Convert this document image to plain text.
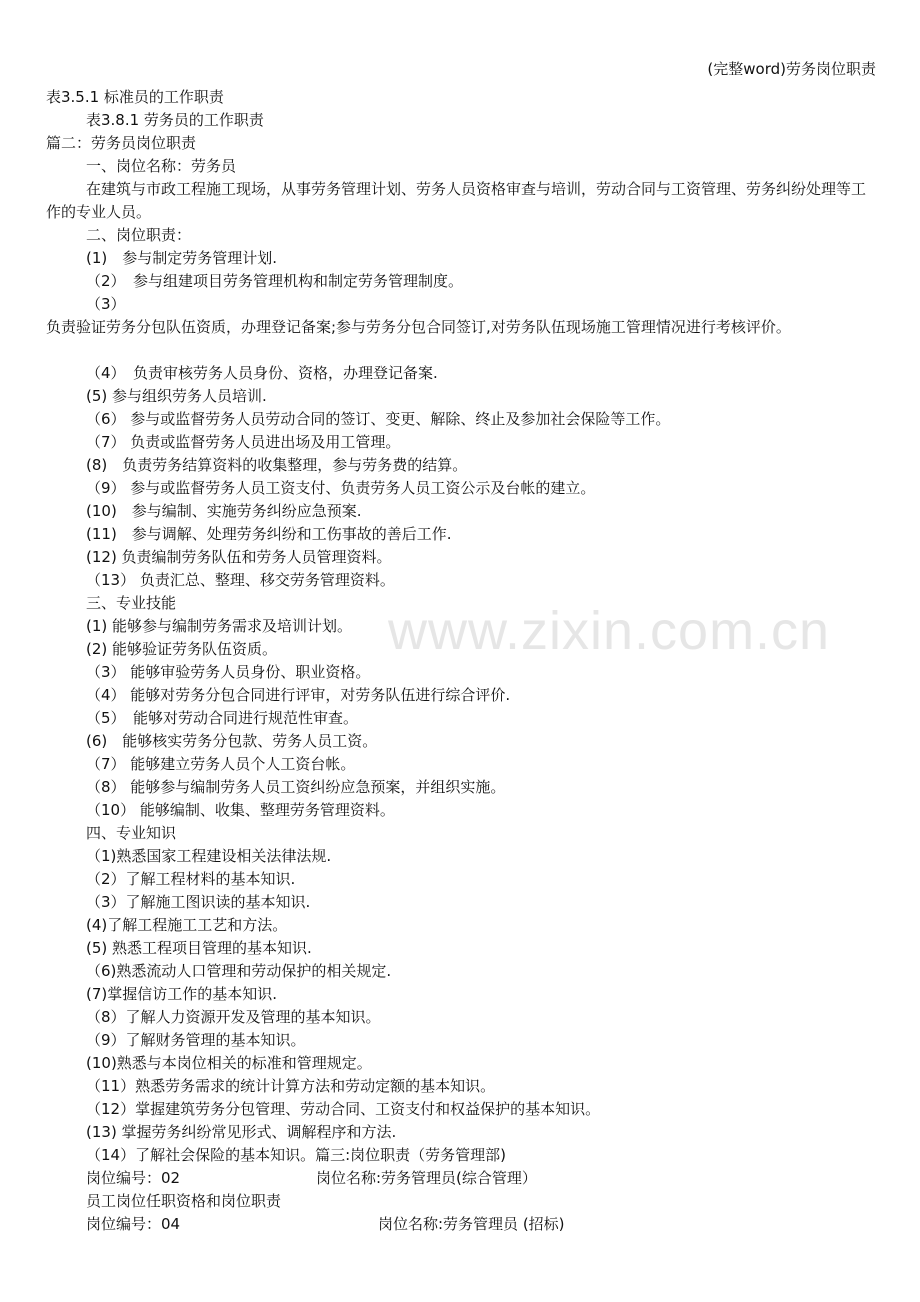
(完整word)劳务岗位职责
www.zixin.com.cn
表3.5.1 标准员的工作职责
表3.8.1 劳务员的工作职责
篇二：劳务员岗位职责
一、岗位名称：劳务员
在建筑与市政工程施工现场，从事劳务管理计划、劳务人员资格审查与培训，劳动合同与工资管理、劳务纠纷处理等工作的专业人员。
二、岗位职责：
(1)　参与制定劳务管理计划.
（2）　参与组建项目劳务管理机构和制定劳务管理制度。
（3）
负责验证劳务分包队伍资质，办理登记备案;参与劳务分包合同签订,对劳务队伍现场施工管理情况进行考核评价。
（4）　负责审核劳务人员身份、资格，办理登记备案.
(5) 参与组织劳务人员培训.
（6） 参与或监督劳务人员劳动合同的签订、变更、解除、终止及参加社会保险等工作。
（7） 负责或监督劳务人员进出场及用工管理。
(8)　负责劳务结算资料的收集整理，参与劳务费的结算。
（9） 参与或监督劳务人员工资支付、负责劳务人员工资公示及台帐的建立。
(10)　参与编制、实施劳务纠纷应急预案.
(11)　参与调解、处理劳务纠纷和工伤事故的善后工作.
(12) 负责编制劳务队伍和劳务人员管理资料。
（13） 负责汇总、整理、移交劳务管理资料。
三、专业技能
(1) 能够参与编制劳务需求及培训计划。
(2) 能够验证劳务队伍资质。
（3） 能够审验劳务人员身份、职业资格。
（4） 能够对劳务分包合同进行评审，对劳务队伍进行综合评价.
（5）　能够对劳动合同进行规范性审查。
(6)　能够核实劳务分包款、劳务人员工资。
（7） 能够建立劳务人员个人工资台帐。
（8） 能够参与编制劳务人员工资纠纷应急预案，并组织实施。
（10） 能够编制、收集、整理劳务管理资料。
四、专业知识
（1)熟悉国家工程建设相关法律法规.
（2）了解工程材料的基本知识.
（3）了解施工图识读的基本知识.
(4)了解工程施工工艺和方法。
(5) 熟悉工程项目管理的基本知识.
（6)熟悉流动人口管理和劳动保护的相关规定.
(7)掌握信访工作的基本知识.
（8）了解人力资源开发及管理的基本知识。
（9）了解财务管理的基本知识。
(10)熟悉与本岗位相关的标准和管理规定。
（11）熟悉劳务需求的统计计算方法和劳动定额的基本知识。
（12）掌握建筑劳务分包管理、劳动合同、工资支付和权益保护的基本知识。
(13) 掌握劳务纠纷常见形式、调解程序和方法.
（14）了解社会保险的基本知识。篇三:岗位职责（劳务管理部)
岗位编号：02	岗位名称:劳务管理员(综合管理）
员工岗位任职资格和岗位职责
岗位编号：04	岗位名称:劳务管理员 (招标)
